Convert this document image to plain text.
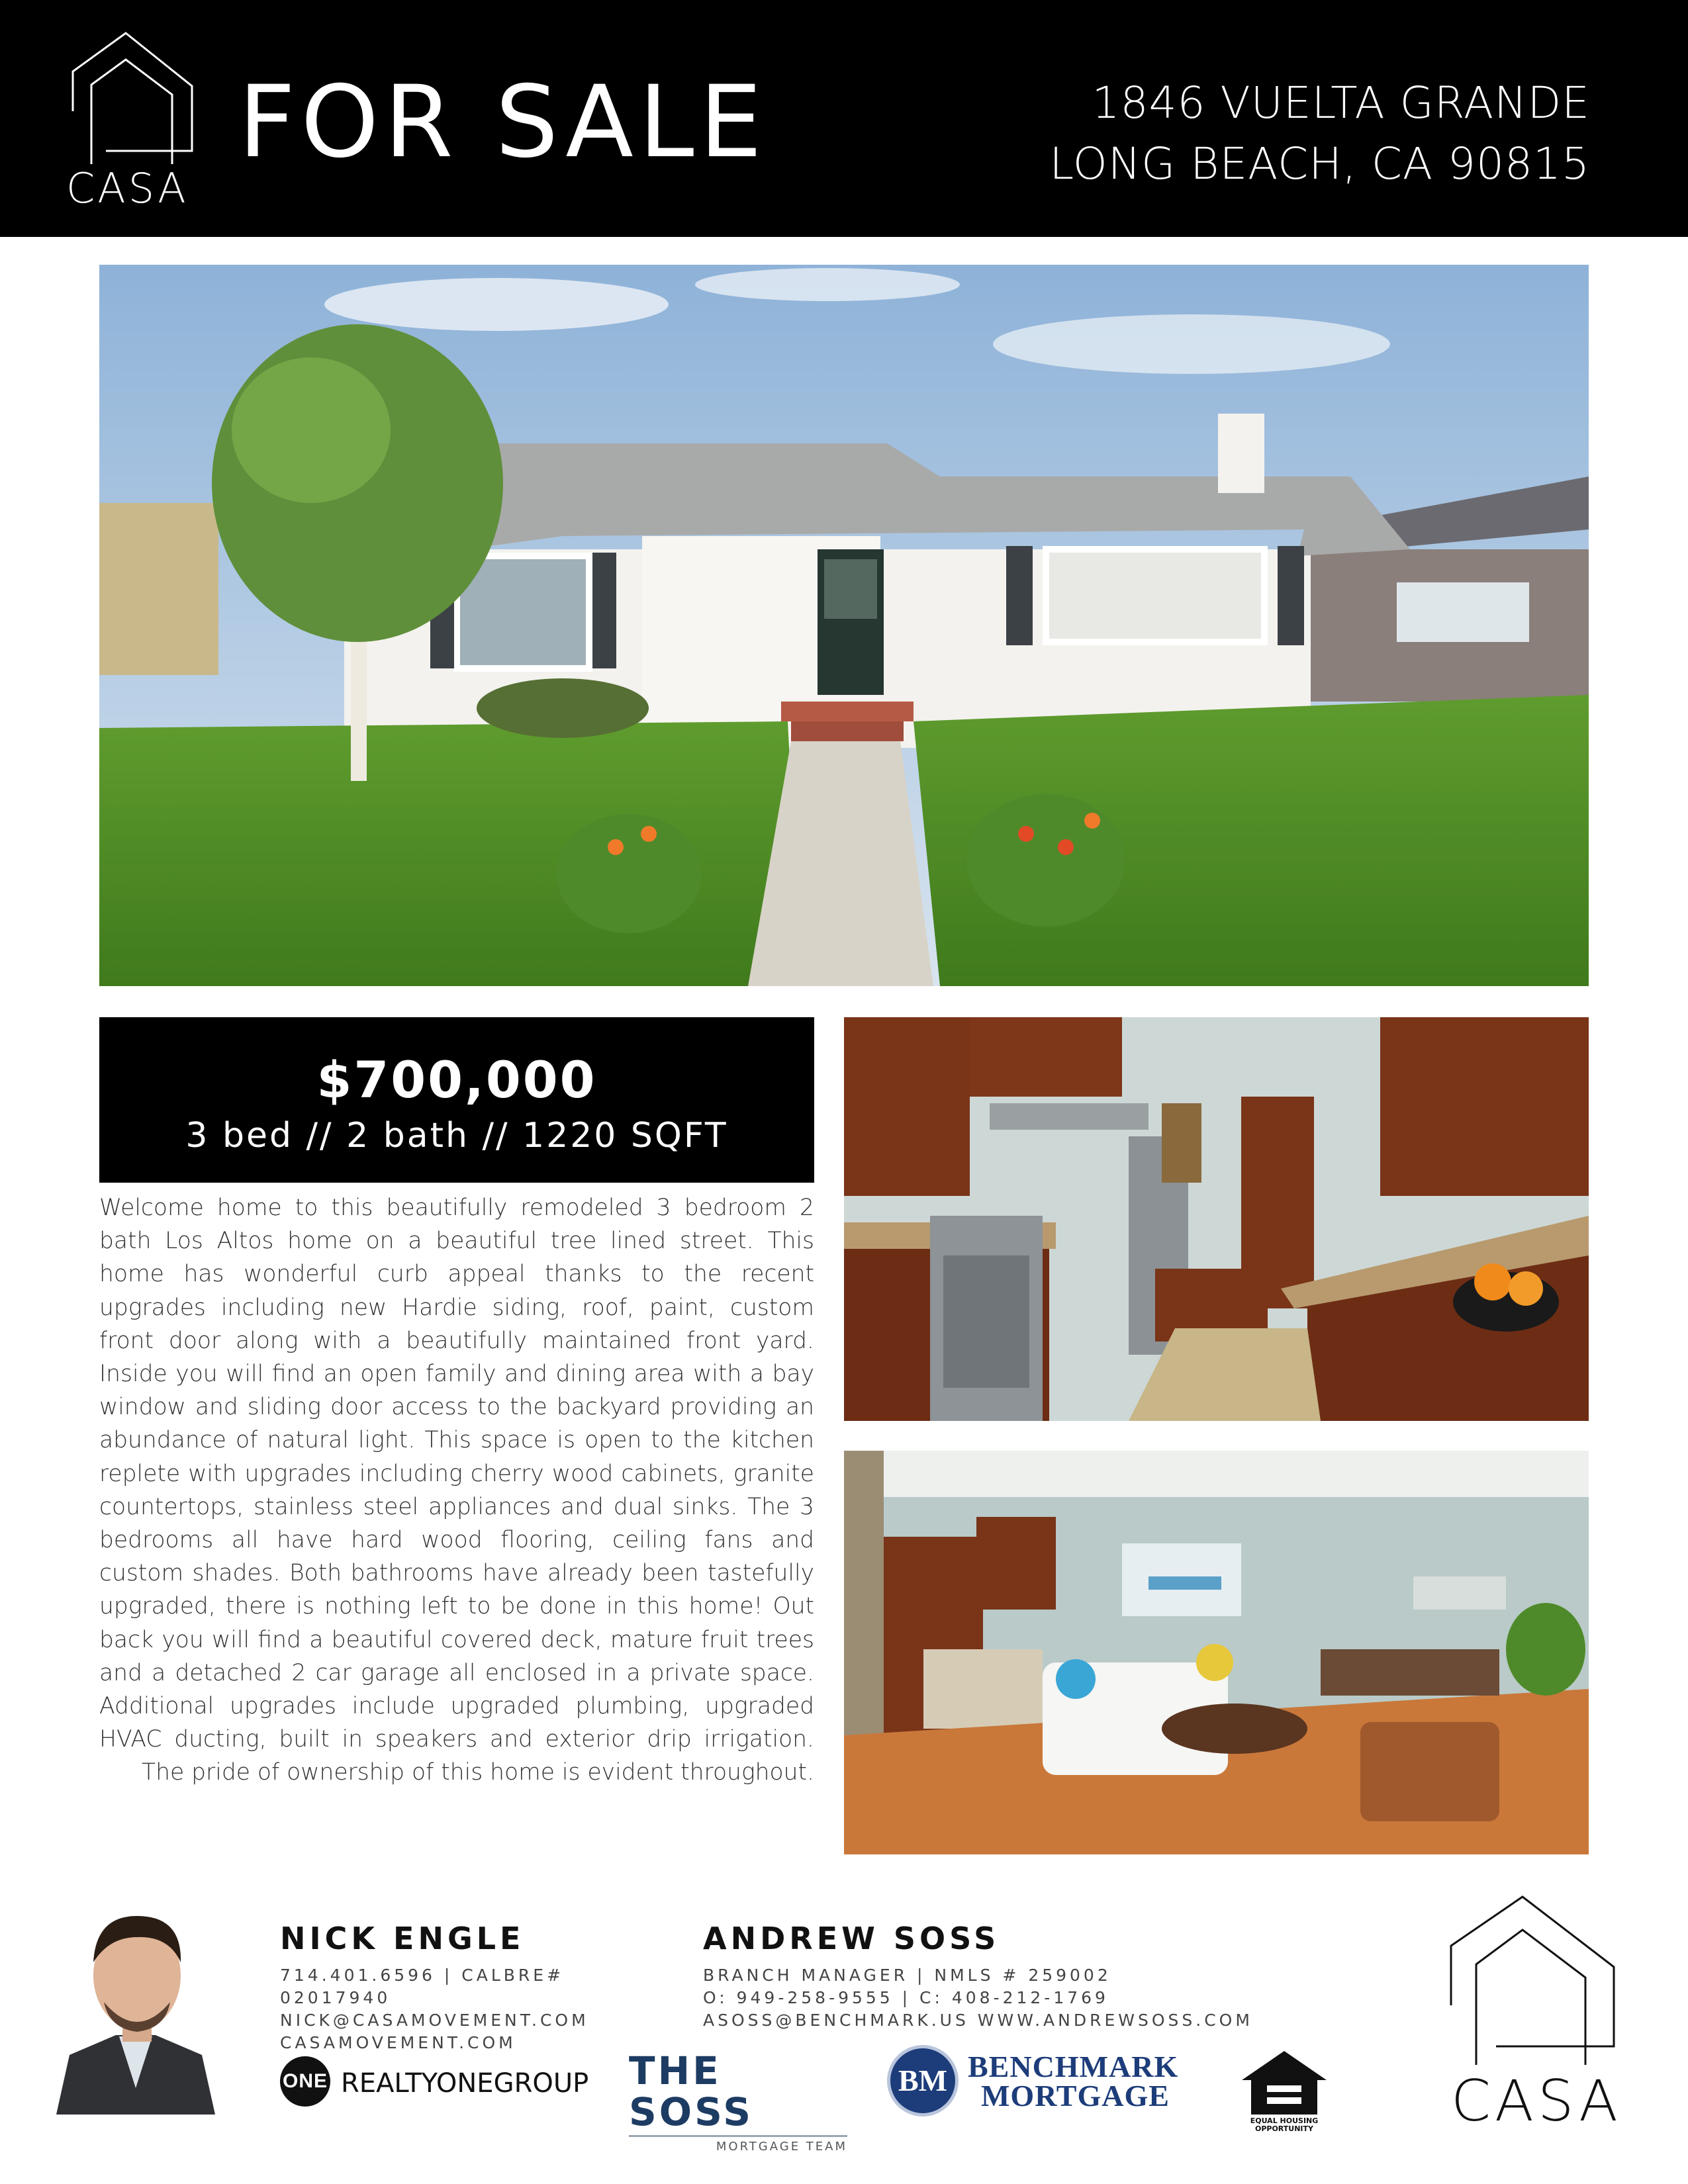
CASA
FOR SALE	1846 VUELTA GRANDE
LONG BEACH, CA 90815
$700,000
3 bed // 2 bath // 1220 SQFT
Welcome home to this beautifully remodeled 3 bedroom 2 bath Los Altos home on a beautiful tree lined street. This home has wonderful curb appeal thanks to the recent upgrades including new Hardie siding, roof, paint, custom front door along with a beautifully maintained front yard. Inside you will find an open family and dining area with a bay window and sliding door access to the backyard providing an abundance of natural light. This space is open to the kitchen replete with upgrades including cherry wood cabinets, granite countertops, stainless steel appliances and dual sinks. The 3 bedrooms all have hard wood flooring, ceiling fans and custom shades. Both bathrooms have already been tastefully upgraded, there is nothing left to be done in this home! Out back you will find a beautiful covered deck, mature fruit trees and a detached 2 car garage all enclosed in a private space. Additional upgrades include upgraded plumbing, upgraded HVAC ducting, built in speakers and exterior drip irrigation. The pride of ownership of this home is evident throughout.
NICK ENGLE
714.401.6596 | CALBRE# 02017940
NICK@CASAMOVEMENT.COM
CASAMOVEMENT.COM
ANDREW SOSS
BRANCH MANAGER | NMLS # 259002
O: 949-258-9555 | C: 408-212-1769
ASOSS@BENCHMARK.US WWW.ANDREWSOSS.COM
ONE REALTYONEGROUP THE SOSS
MORTGAGE TEAM
BM BENCHMARK
MORTGAGE
EQUAL HOUSING
OPPORTUNITY	CASA
